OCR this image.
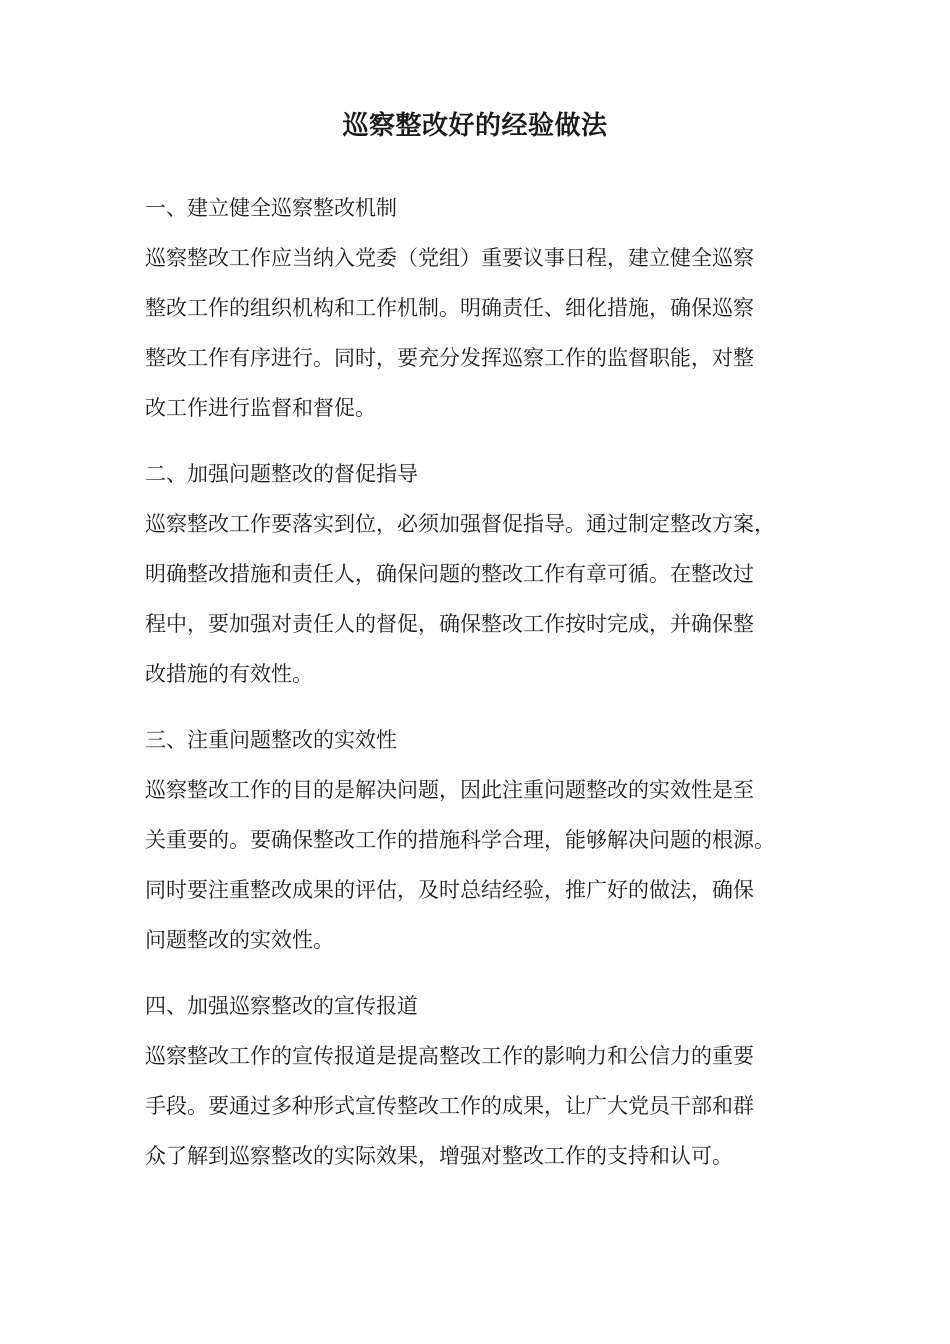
巡察整改好的经验做法
一、建立健全巡察整改机制
巡察整改工作应当纳入党委（党组）重要议事日程，建立健全巡察
整改工作的组织机构和工作机制。明确责任、细化措施，确保巡察
整改工作有序进行。同时，要充分发挥巡察工作的监督职能，对整
改工作进行监督和督促。
二、加强问题整改的督促指导
巡察整改工作要落实到位，必须加强督促指导。通过制定整改方案，
明确整改措施和责任人，确保问题的整改工作有章可循。在整改过
程中，要加强对责任人的督促，确保整改工作按时完成，并确保整
改措施的有效性。
三、注重问题整改的实效性
巡察整改工作的目的是解决问题，因此注重问题整改的实效性是至
关重要的。要确保整改工作的措施科学合理，能够解决问题的根源。
同时要注重整改成果的评估，及时总结经验，推广好的做法，确保
问题整改的实效性。
四、加强巡察整改的宣传报道
巡察整改工作的宣传报道是提高整改工作的影响力和公信力的重要
手段。要通过多种形式宣传整改工作的成果，让广大党员干部和群
众了解到巡察整改的实际效果，增强对整改工作的支持和认可。
